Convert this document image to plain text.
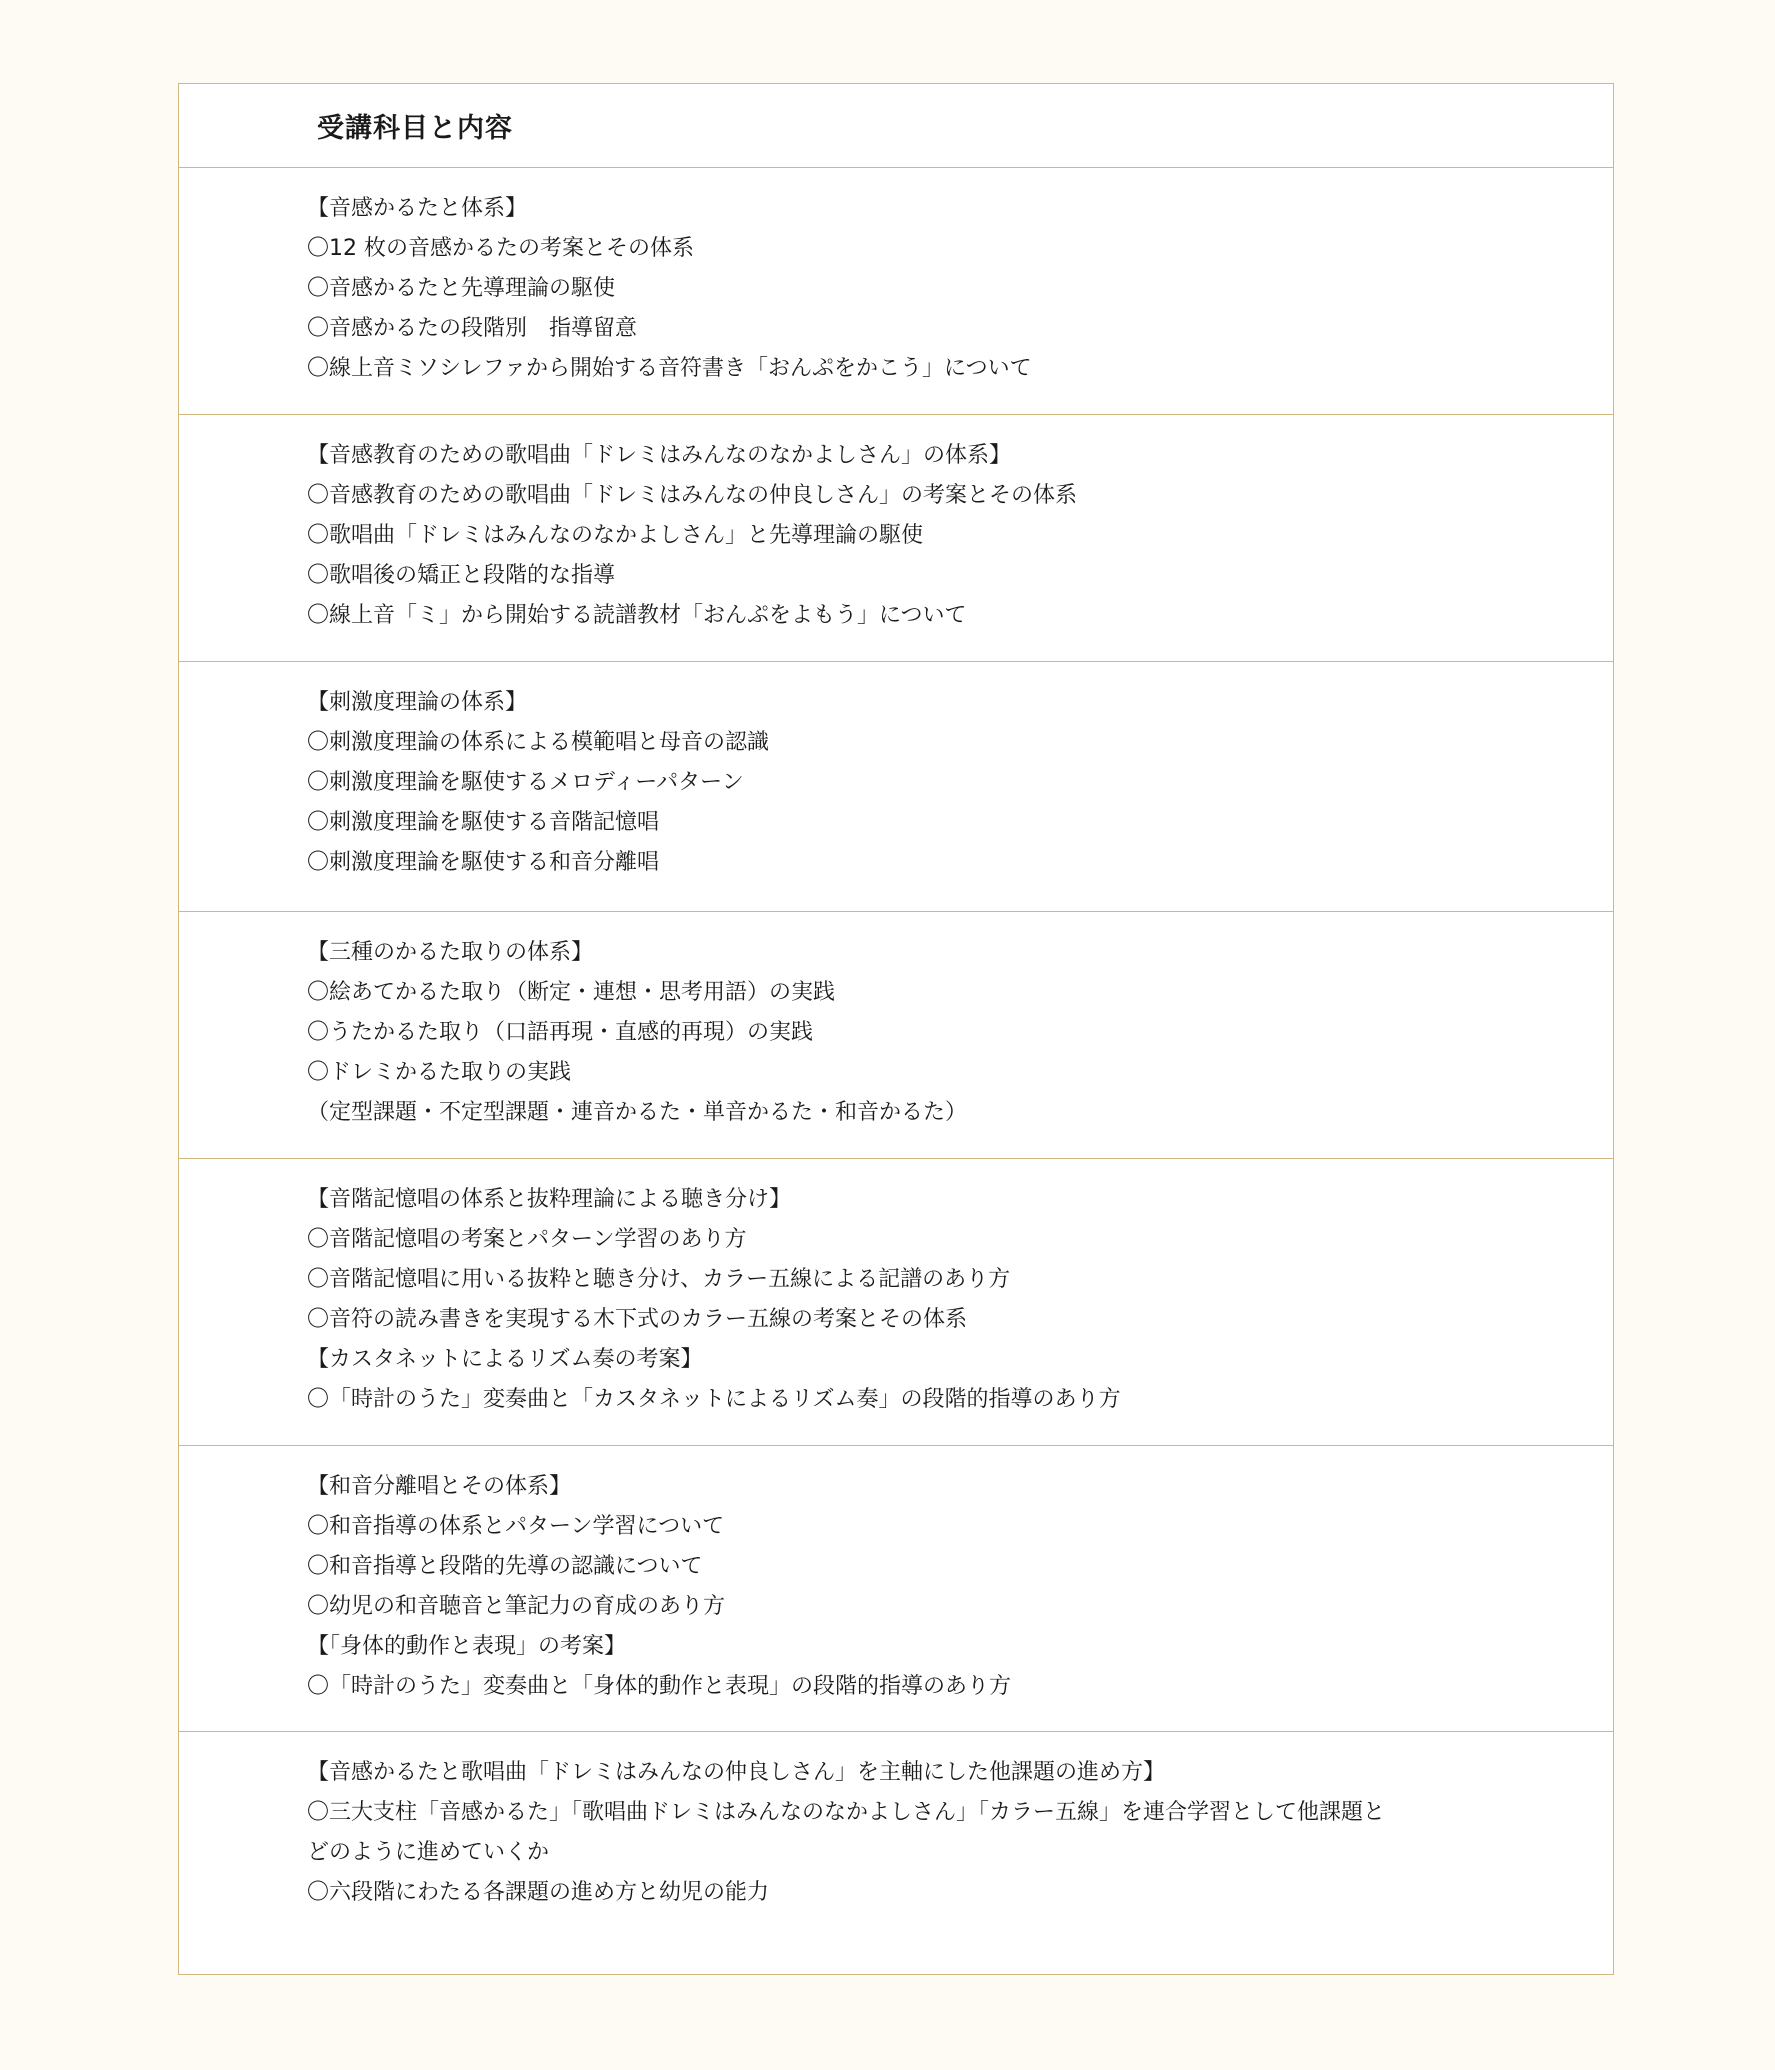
受講科目と内容
【音感かるたと体系】
〇12 枚の音感かるたの考案とその体系
〇音感かるたと先導理論の駆使
〇音感かるたの段階別　指導留意
〇線上音ミソシレファから開始する音符書き「おんぷをかこう」について
【音感教育のための歌唱曲「ドレミはみんなのなかよしさん」の体系】
〇音感教育のための歌唱曲「ドレミはみんなの仲良しさん」の考案とその体系
〇歌唱曲「ドレミはみんなのなかよしさん」と先導理論の駆使
〇歌唱後の矯正と段階的な指導
〇線上音「ミ」から開始する読譜教材「おんぷをよもう」について
【刺激度理論の体系】
〇刺激度理論の体系による模範唱と母音の認識
〇刺激度理論を駆使するメロディーパターン
〇刺激度理論を駆使する音階記憶唱
〇刺激度理論を駆使する和音分離唱
【三種のかるた取りの体系】
〇絵あてかるた取り（断定・連想・思考用語）の実践
〇うたかるた取り（口語再現・直感的再現）の実践
〇ドレミかるた取りの実践
（定型課題・不定型課題・連音かるた・単音かるた・和音かるた）
【音階記憶唱の体系と抜粋理論による聴き分け】
〇音階記憶唱の考案とパターン学習のあり方
〇音階記憶唱に用いる抜粋と聴き分け、カラー五線による記譜のあり方
〇音符の読み書きを実現する木下式のカラー五線の考案とその体系
【カスタネットによるリズム奏の考案】
〇「時計のうた」変奏曲と「カスタネットによるリズム奏」の段階的指導のあり方
【和音分離唱とその体系】
〇和音指導の体系とパターン学習について
〇和音指導と段階的先導の認識について
〇幼児の和音聴音と筆記力の育成のあり方
【「身体的動作と表現」の考案】
〇「時計のうた」変奏曲と「身体的動作と表現」の段階的指導のあり方
【音感かるたと歌唱曲「ドレミはみんなの仲良しさん」を主軸にした他課題の進め方】
〇三大支柱「音感かるた」「歌唱曲ドレミはみんなのなかよしさん」「カラー五線」を連合学習として他課題と
どのように進めていくか
〇六段階にわたる各課題の進め方と幼児の能力
